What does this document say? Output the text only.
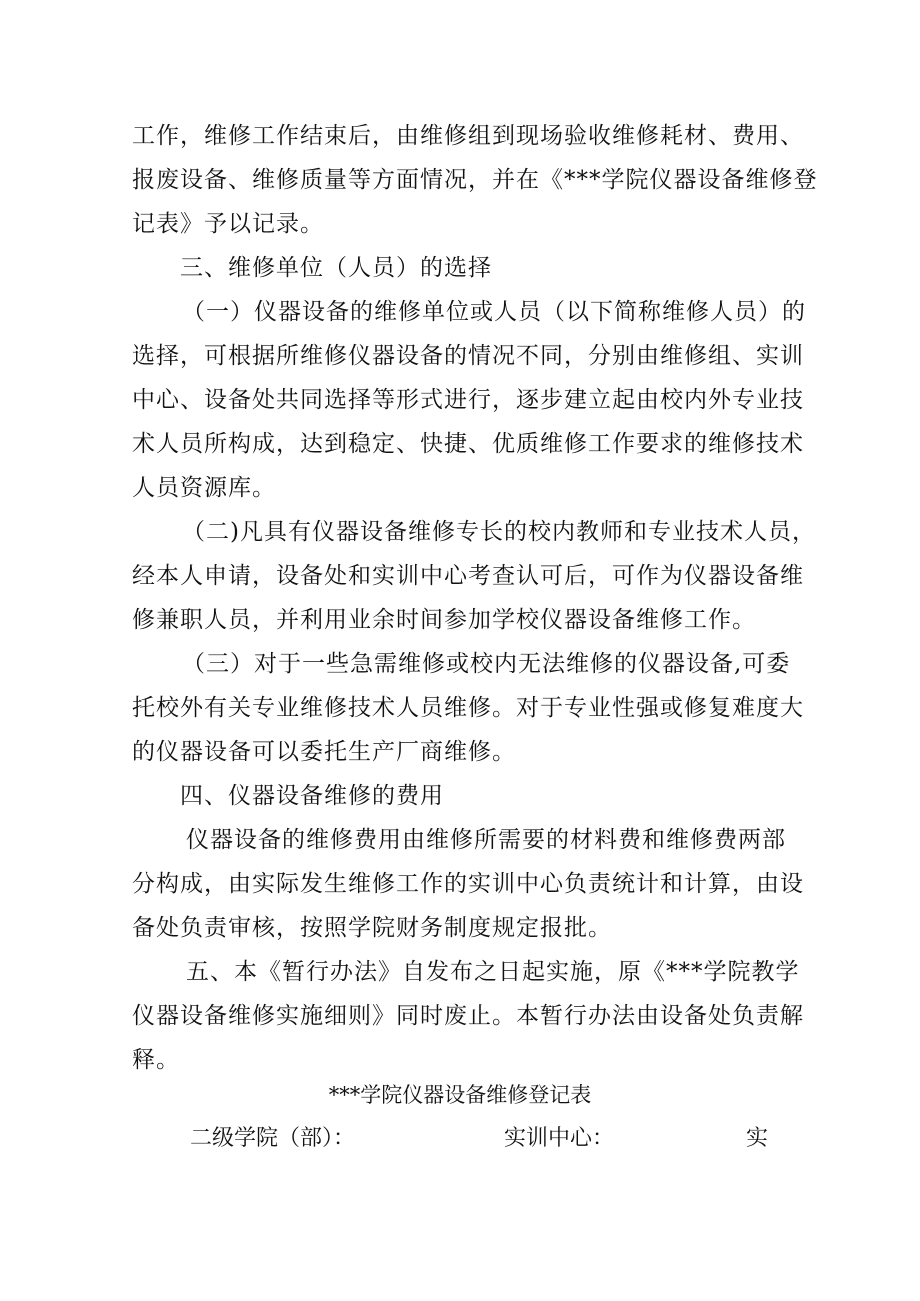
工作，维修工作结束后，由维修组到现场验收维修耗材、费用、
报废设备、维修质量等方面情况，并在《***学院仪器设备维修登
记表》予以记录。
三、维修单位（人员）的选择
（一）仪器设备的维修单位或人员（以下简称维修人员）的
选择，可根据所维修仪器设备的情况不同，分别由维修组、实训
中心、设备处共同选择等形式进行，逐步建立起由校内外专业技
术人员所构成，达到稳定、快捷、优质维修工作要求的维修技术
人员资源库。
（二)凡具有仪器设备维修专长的校内教师和专业技术人员，
经本人申请，设备处和实训中心考查认可后，可作为仪器设备维
修兼职人员，并利用业余时间参加学校仪器设备维修工作。
（三）对于一些急需维修或校内无法维修的仪器设备,可委
托校外有关专业维修技术人员维修。对于专业性强或修复难度大
的仪器设备可以委托生产厂商维修。
四、仪器设备维修的费用
仪器设备的维修费用由维修所需要的材料费和维修费两部
分构成，由实际发生维修工作的实训中心负责统计和计算，由设
备处负责审核，按照学院财务制度规定报批。
五、本《暂行办法》自发布之日起实施，原《***学院教学
仪器设备维修实施细则》同时废止。本暂行办法由设备处负责解
释。
***学院仪器设备维修登记表
二级学院（部）：	实训中心：	实
